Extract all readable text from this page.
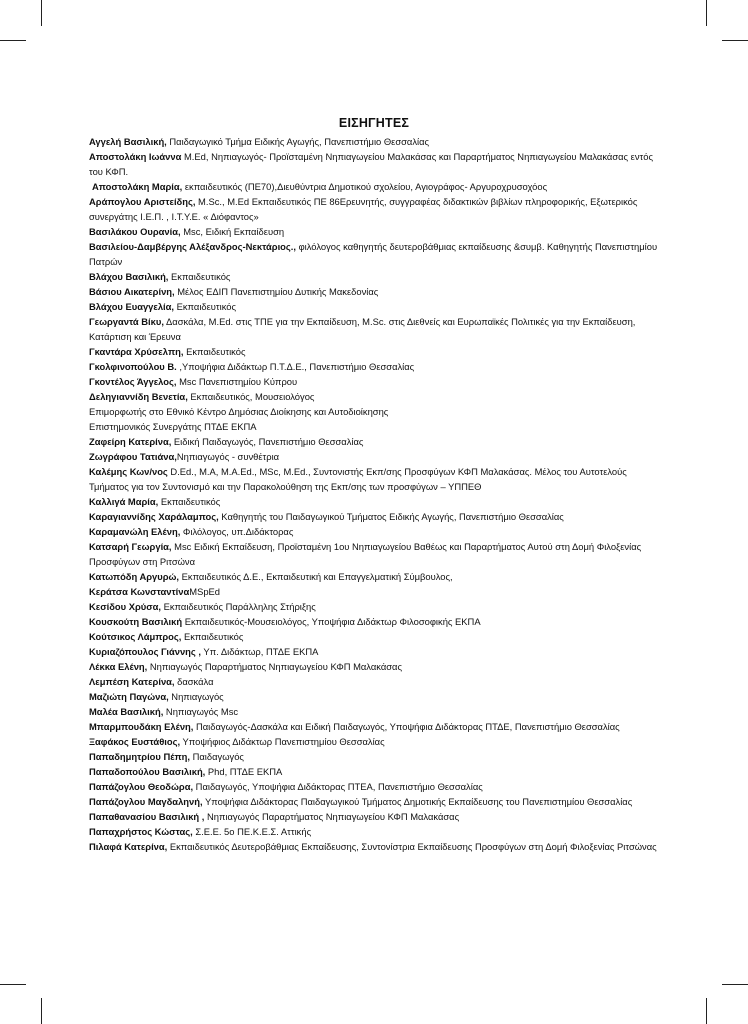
ΕΙΣΗΓΗΤΕΣ

Αγγελή Βασιλική, Παιδαγωγικό Τμήμα Ειδικής Αγωγής, Πανεπιστήμιο Θεσσαλίας

Αποστολάκη Ιωάννα M.Ed, Νηπιαγωγός- Προϊσταμένη Νηπιαγωγείου Μαλακάσας και Παραρτήματος Νηπιαγωγείου Μαλακάσας εντός του ΚΦΠ.

Αποστολάκη Μαρία, εκπαιδευτικός (ΠΕ70),Διευθύντρια Δημοτικού σχολείου, Αγιογράφος- Αργυροχρυσοχόος

Αράπογλου Αριστείδης, M.Sc., M.Ed Εκπαιδευτικός ΠΕ 86Ερευνητής, συγγραφέας διδακτικών βιβλίων πληροφορικής, Εξωτερικός συνεργάτης Ι.Ε.Π. , Ι.Τ.Υ.Ε. « Διόφαντος»

Βασιλάκου Ουρανία, Msc, Ειδική Εκπαίδευση

Βασιλείου-Δαμβέργης Αλέξανδρος-Νεκτάριος., φιλόλογος καθηγητής δευτεροβάθμιας εκπαίδευσης &συμβ. Καθηγητής Πανεπιστημίου Πατρών

Βλάχου Βασιλική, Εκπαιδευτικός

Βάσιου Αικατερίνη, Μέλος ΕΔΙΠ Πανεπιστημίου Δυτικής Μακεδονίας

Βλάχου Ευαγγελία, Εκπαιδευτικός

Γεωργαντά Βίκυ, Δασκάλα, M.Ed. στις ΤΠΕ για την Εκπαίδευση, M.Sc. στις Διεθνείς και Ευρωπαϊκές Πολιτικές για την Εκπαίδευση, Κατάρτιση και Έρευνα

Γκαντάρα Χρύσελπη, Εκπαιδευτικός

Γκολφινοπούλου Β. ,Υποψήφια Διδάκτωρ Π.Τ.Δ.Ε., Πανεπιστήμιο Θεσσαλίας

Γκοντέλος Άγγελος, Msc Πανεπιστημίου Κύπρου

Δεληγιαννίδη Βενετία, Εκπαιδευτικός, Μουσειολόγος

Επιμορφωτής στο Εθνικό Κέντρο Δημόσιας Διοίκησης και Αυτοδιοίκησης

Επιστημονικός Συνεργάτης ΠΤΔΕ ΕΚΠΑ

Ζαφείρη Κατερίνα, Ειδική Παιδαγωγός, Πανεπιστήμιο Θεσσαλίας

Ζωγράφου Τατιάνα,Νηπιαγωγός - συνθέτρια

Καλέμης Κων/νος D.Ed., M.A, M.A.Ed., MSc, M.Ed., Συντονιστής Εκπ/σης Προσφύγων ΚΦΠ Μαλακάσας. Μέλος του Αυτοτελούς Τμήματος για τον Συντονισμό και την Παρακολούθηση της Εκπ/σης των προσφύγων – ΥΠΠΕΘ

Καλλιγά Μαρία, Εκπαιδευτικός

Καραγιαννίδης Χαράλαμπος, Καθηγητής του Παιδαγωγικού Τμήματος Ειδικής Αγωγής, Πανεπιστήμιο Θεσσαλίας

Καραμανώλη Ελένη, Φιλόλογος, υπ.Διδάκτορας

Κατσαρή Γεωργία, Msc Ειδική Εκπαίδευση, Προϊσταμένη 1ου Νηπιαγωγείου Βαθέως και Παραρτήματος Αυτού στη Δομή Φιλοξενίας Προσφύγων στη Ριτσώνα

Κατωπόδη Αργυρώ, Εκπαιδευτικός Δ.Ε., Εκπαιδευτική και Επαγγελματική Σύμβουλος,

Κεράτσα ΚωνσταντίναMSpEd

Κεσίδου Χρύσα, Εκπαιδευτικός Παράλληλης Στήριξης

Κουσκούτη Βασιλική Εκπαιδευτικός-Μουσειολόγος, Υποψήφια Διδάκτωρ Φιλοσοφικής ΕΚΠΑ

Κούτσικος Λάμπρος, Εκπαιδευτικός

Κυριαζόπουλος Γιάννης , Υπ. Διδάκτωρ, ΠΤΔΕ ΕΚΠΑ

Λέκκα Ελένη, Νηπιαγωγός Παραρτήματος Νηπιαγωγείου ΚΦΠ Μαλακάσας

Λεμπέση Κατερίνα, δασκάλα

Μαζιώτη Παγώνα, Νηπιαγωγός

Μαλέα Βασιλική, Νηπιαγωγός Msc

Μπαρμπουδάκη Ελένη, Παιδαγωγός-Δασκάλα και Ειδική Παιδαγωγός, Υποψήφια Διδάκτορας ΠΤΔΕ, Πανεπιστήμιο Θεσσαλίας

Ξαφάκος Ευστάθιος, Υποψήφιος Διδάκτωρ Πανεπιστημίου Θεσσαλίας

Παπαδημητρίου Πέπη, Παιδαγωγός

Παπαδοπούλου Βασιλική, Phd, ΠΤΔΕ ΕΚΠΑ

Παπάζογλου Θεοδώρα, Παιδαγωγός, Υποψήφια Διδάκτορας ΠΤΕΑ, Πανεπιστήμιο Θεσσαλίας

Παπάζογλου Μαγδαληνή, Υποψήφια Διδάκτορας Παιδαγωγικού Τμήματος Δημοτικής Εκπαίδευσης του Πανεπιστημίου Θεσσαλίας

Παπαθανασίου Βασιλική , Νηπιαγωγός Παραρτήματος Νηπιαγωγείου ΚΦΠ Μαλακάσας

Παπαχρήστος Κώστας, Σ.Ε.Ε. 5ο ΠΕ.Κ.Ε.Σ. Αττικής

Πιλαφά Κατερίνα, Εκπαιδευτικός Δευτεροβάθμιας Εκπαίδευσης, Συντονίστρια Εκπαίδευσης Προσφύγων στη Δομή Φιλοξενίας Ριτσώνας
